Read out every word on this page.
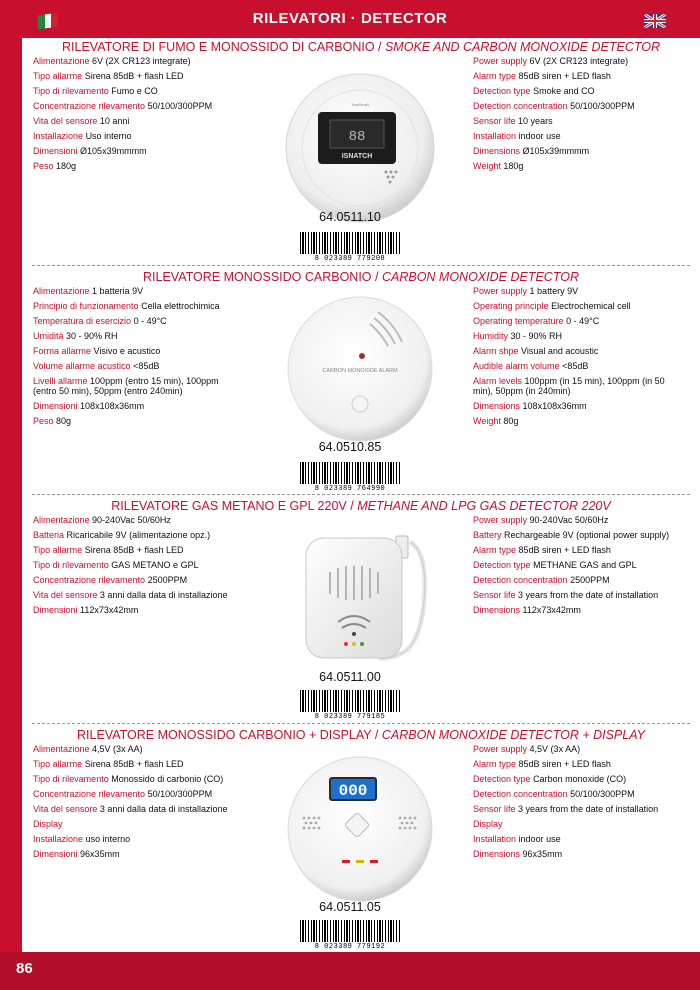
RILEVATORI · DETECTOR
RILEVATORE DI FUMO E MONOSSIDO DI CARBONIO / SMOKE AND CARBON MONOXIDE DETECTOR
Alimentazione 6V (2X CR123 integrate)
Tipo allarme Sirena 85dB + flash LED
Tipo di rilevamento Fumo e CO
Concentrazione rilevamento 50/100/300PPM
Vita del sensore 10 anni
Installazione Uso interno
Dimensioni Ø105x39mmmm
Peso 180g
88
ISNATCH
Test/Hush
64.0511.10
8 023389 779208
Power supply 6V (2X CR123 integrate)
Alarm type 85dB siren + LED flash
Detection type Smoke and CO
Detection concentration 50/100/300PPM
Sensor life 10 years
Installation indoor use
Dimensions Ø105x39mmmm
Weight 180g
RILEVATORE MONOSSIDO CARBONIO / CARBON MONOXIDE DETECTOR
Alimentazione 1 batteria 9V
Principio di funzionamento Cella elettrochimica
Temperatura di esercizio 0 - 49°C
Umidità 30 - 90% RH
Forma allarme Visivo e acustico
Volume allarme acustico <85dB
Livelli allarme 100ppm (entro 15 min), 100ppm (entro 50 min), 50ppm (entro 240min)
Dimensioni 108x108x36mm
Peso 80g
CARBON MONOXIDE ALARM
64.0510.85
8 023389 764990
Power supply 1 battery 9V
Operating principle Electrochemical cell
Operating temperature 0 - 49°C
Humidity 30 - 90% RH
Alarm shpe Visual and acoustic
Audible alarm volume <85dB
Alarm levels 100ppm (in 15 min), 100ppm (in 50 min), 50ppm (in 240min)
Dimensions 108x108x36mm
Weight 80g
RILEVATORE GAS METANO E GPL 220V / METHANE AND LPG GAS DETECTOR 220V
Alimentazione 90-240Vac 50/60Hz
Batteria Ricaricabile 9V (alimentazione opz.)
Tipo allarme Sirena 85dB + flash LED
Tipo di rilevamento GAS METANO e GPL
Concentrazione rilevamento 2500PPM
Vita del sensore 3 anni dalla data di installazione
Dimensioni 112x73x42mm
64.0511.00
8 023389 779185
Power supply 90-240Vac 50/60Hz
Battery Rechargeable 9V (optional power supply)
Alarm type 85dB siren + LED flash
Detection type METHANE GAS and GPL
Detection concentration 2500PPM
Sensor life 3 years from the date of installation
Dimensions 112x73x42mm
RILEVATORE MONOSSIDO CARBONIO + DISPLAY / CARBON MONOXIDE DETECTOR + DISPLAY
Alimentazione 4,5V (3x AA)
Tipo allarme Sirena 85dB + flash LED
Tipo di rilevamento Monossido di carbonio (CO)
Concentrazione rilevamento 50/100/300PPM
Vita del sensore 3 anni dalla data di installazione
Display
Installazione uso interno
Dimensioni 96x35mm
000
64.0511.05
8 023389 779192
Power supply 4,5V (3x AA)
Alarm type 85dB siren + LED flash
Detection type Carbon monoxide (CO)
Detection concentration 50/100/300PPM
Sensor life 3 years from the date of installation
Display
Installation indoor use
Dimensions 96x35mm
86
